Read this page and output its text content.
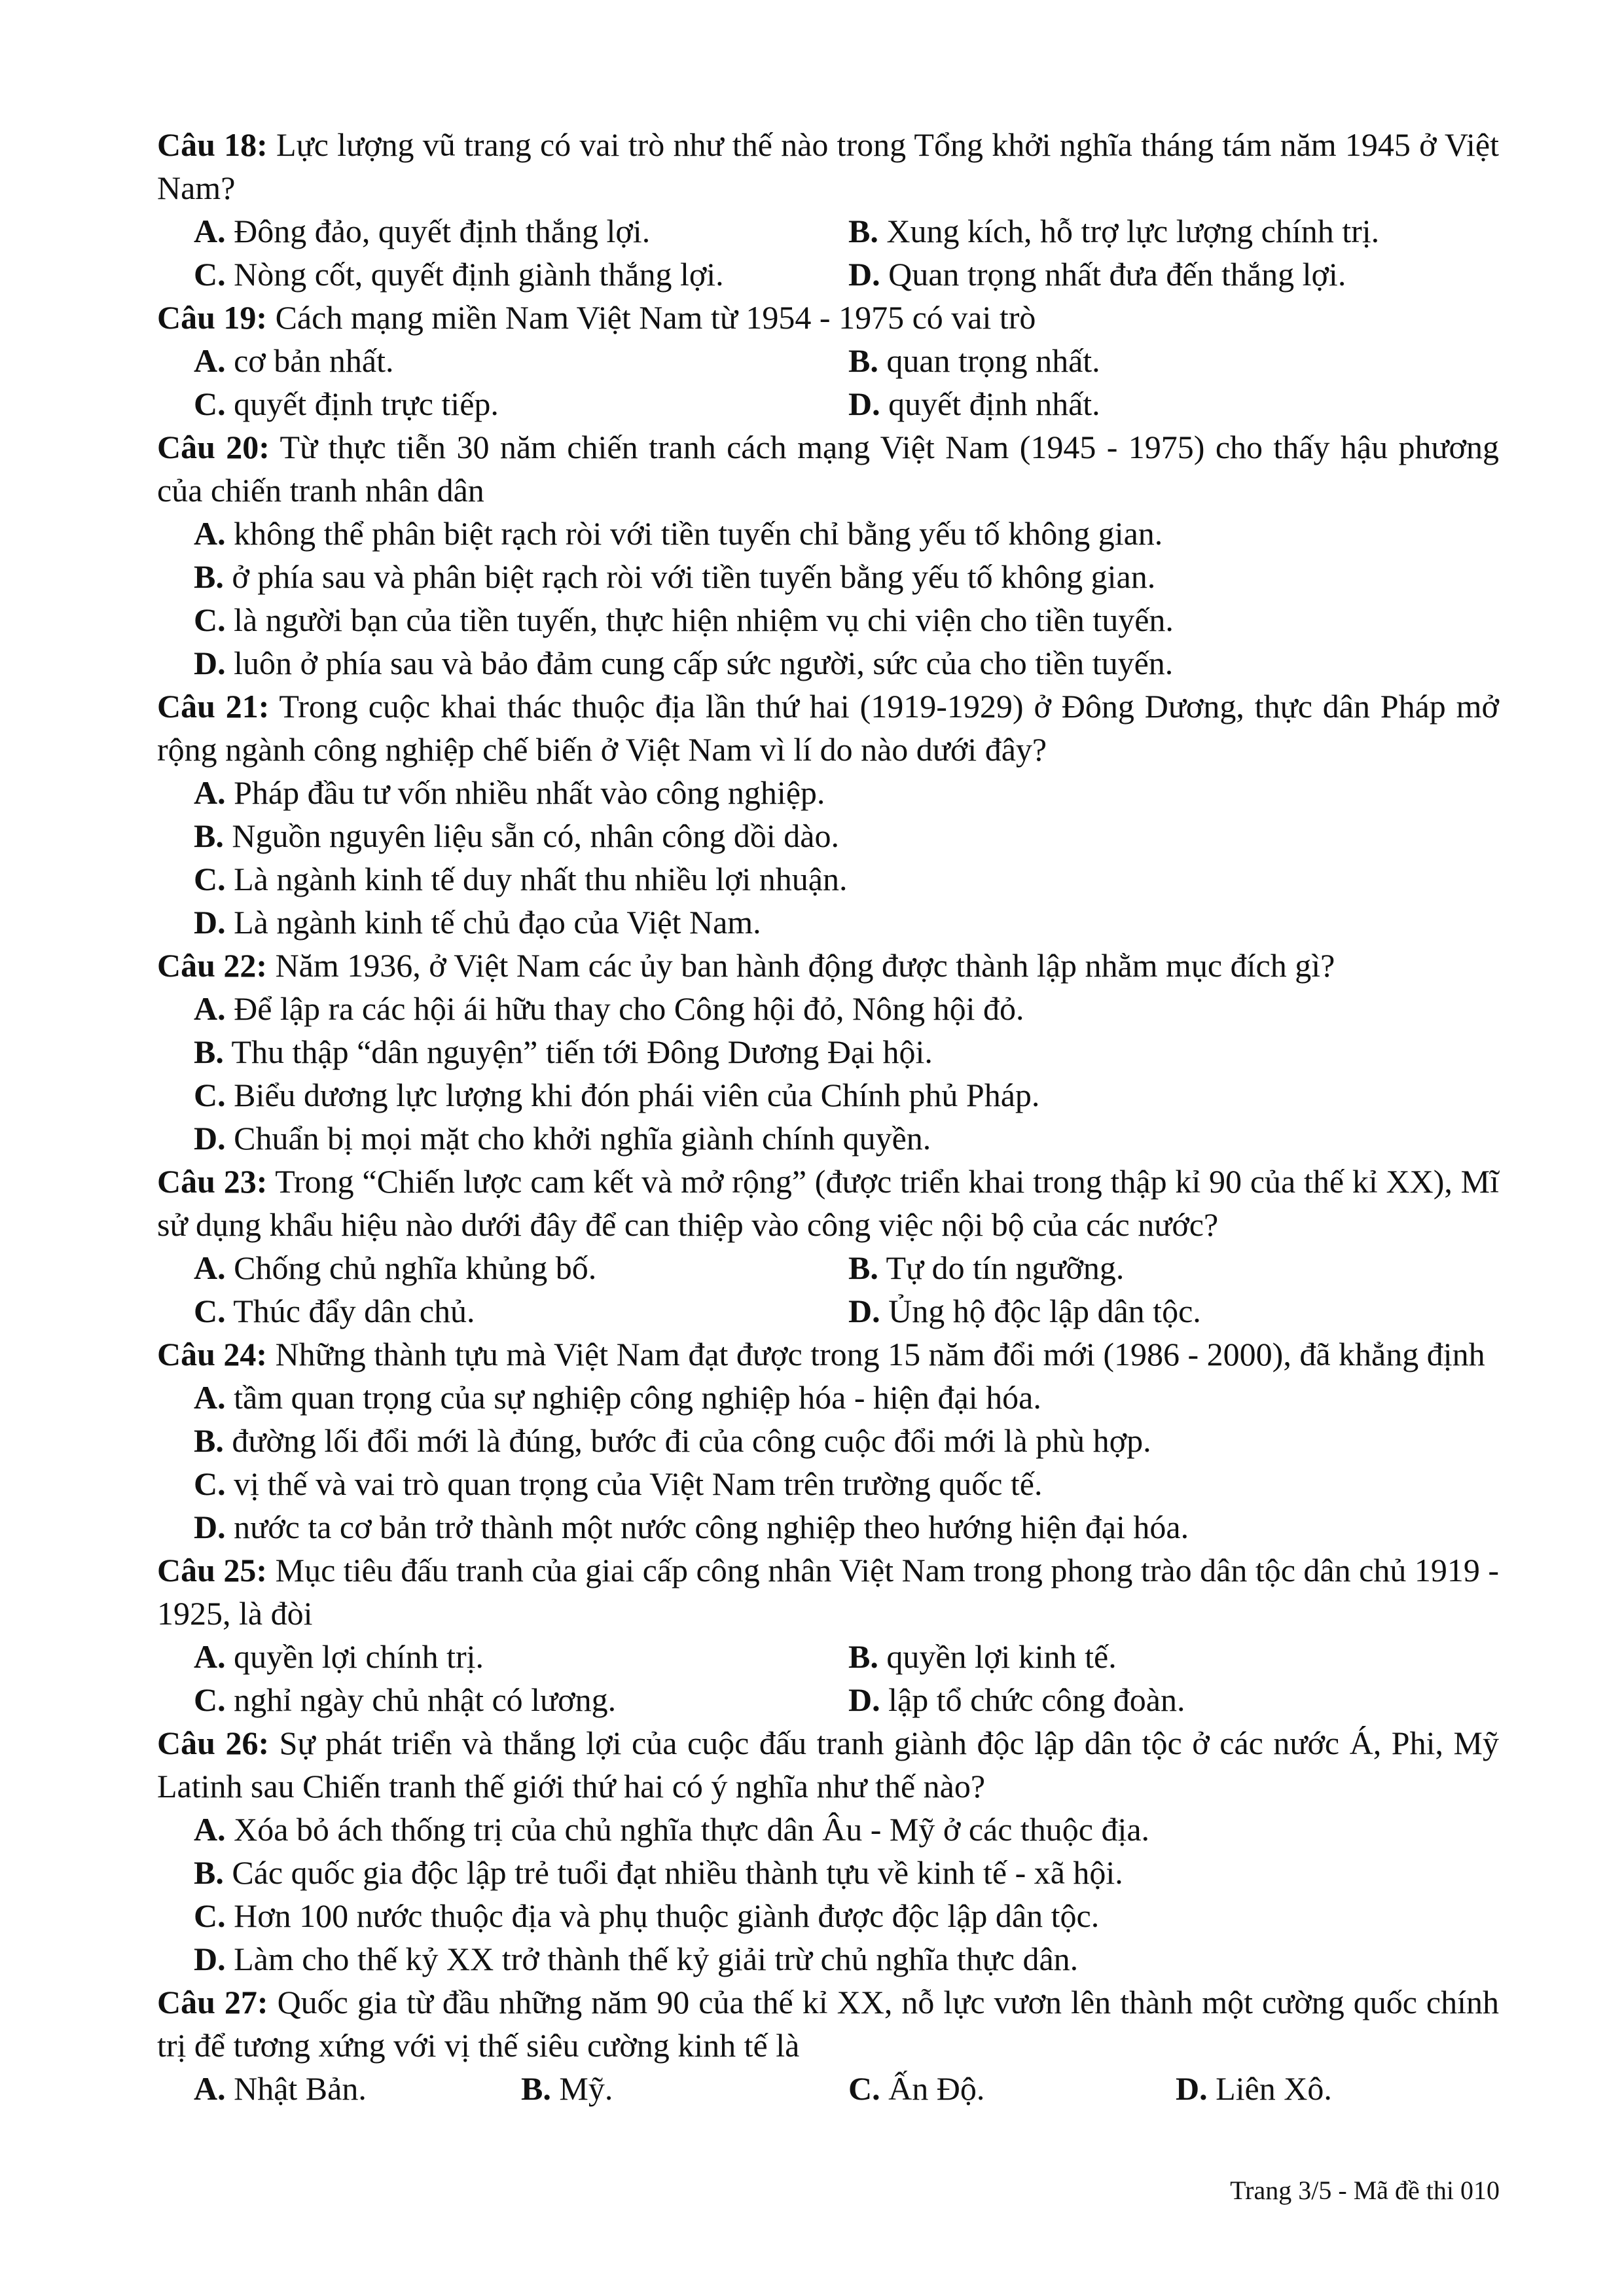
Câu 18: Lực lượng vũ trang có vai trò như thế nào trong Tổng khởi nghĩa tháng tám năm 1945 ở Việt Nam?
A. Đông đảo, quyết định thắng lợi.	B. Xung kích, hỗ trợ lực lượng chính trị.
C. Nòng cốt, quyết định giành thắng lợi.	D. Quan trọng nhất đưa đến thắng lợi.
Câu 19: Cách mạng miền Nam Việt Nam từ 1954 - 1975 có vai trò
A. cơ bản nhất.	B. quan trọng nhất.
C. quyết định trực tiếp.	D. quyết định nhất.
Câu 20: Từ thực tiễn 30 năm chiến tranh cách mạng Việt Nam (1945 - 1975) cho thấy hậu phương của chiến tranh nhân dân
A. không thể phân biệt rạch ròi với tiền tuyến chỉ bằng yếu tố không gian.
B. ở phía sau và phân biệt rạch ròi với tiền tuyến bằng yếu tố không gian.
C. là người bạn của tiền tuyến, thực hiện nhiệm vụ chi viện cho tiền tuyến.
D. luôn ở phía sau và bảo đảm cung cấp sức người, sức của cho tiền tuyến.
Câu 21: Trong cuộc khai thác thuộc địa lần thứ hai (1919-1929) ở Đông Dương, thực dân Pháp mở rộng ngành công nghiệp chế biến ở Việt Nam vì lí do nào dưới đây?
A. Pháp đầu tư vốn nhiều nhất vào công nghiệp.
B. Nguồn nguyên liệu sẵn có, nhân công dồi dào.
C. Là ngành kinh tế duy nhất thu nhiều lợi nhuận.
D. Là ngành kinh tế chủ đạo của Việt Nam.
Câu 22: Năm 1936, ở Việt Nam các ủy ban hành động được thành lập nhằm mục đích gì?
A. Để lập ra các hội ái hữu thay cho Công hội đỏ, Nông hội đỏ.
B. Thu thập “dân nguyện” tiến tới Đông Dương Đại hội.
C. Biểu dương lực lượng khi đón phái viên của Chính phủ Pháp.
D. Chuẩn bị mọi mặt cho khởi nghĩa giành chính quyền.
Câu 23: Trong “Chiến lược cam kết và mở rộng” (được triển khai trong thập kỉ 90 của thế kỉ XX), Mĩ sử dụng khẩu hiệu nào dưới đây để can thiệp vào công việc nội bộ của các nước?
A. Chống chủ nghĩa khủng bố.	B. Tự do tín ngưỡng.
C. Thúc đẩy dân chủ.	D. Ủng hộ độc lập dân tộc.
Câu 24: Những thành tựu mà Việt Nam đạt được trong 15 năm đổi mới (1986 - 2000), đã khẳng định
A. tầm quan trọng của sự nghiệp công nghiệp hóa - hiện đại hóa.
B. đường lối đổi mới là đúng, bước đi của công cuộc đổi mới là phù hợp.
C. vị thế và vai trò quan trọng của Việt Nam trên trường quốc tế.
D. nước ta cơ bản trở thành một nước công nghiệp theo hướng hiện đại hóa.
Câu 25: Mục tiêu đấu tranh của giai cấp công nhân Việt Nam trong phong trào dân tộc dân chủ 1919 - 1925, là đòi
A. quyền lợi chính trị.	B. quyền lợi kinh tế.
C. nghỉ ngày chủ nhật có lương.	D. lập tổ chức công đoàn.
Câu 26: Sự phát triển và thắng lợi của cuộc đấu tranh giành độc lập dân tộc ở các nước Á, Phi, Mỹ Latinh sau Chiến tranh thế giới thứ hai có ý nghĩa như thế nào?
A. Xóa bỏ ách thống trị của chủ nghĩa thực dân Âu - Mỹ ở các thuộc địa.
B. Các quốc gia độc lập trẻ tuổi đạt nhiều thành tựu về kinh tế - xã hội.
C. Hơn 100 nước thuộc địa và phụ thuộc giành được độc lập dân tộc.
D. Làm cho thế kỷ XX trở thành thế kỷ giải trừ chủ nghĩa thực dân.
Câu 27: Quốc gia từ đầu những năm 90 của thế kỉ XX, nỗ lực vươn lên thành một cường quốc chính trị để tương xứng với vị thế siêu cường kinh tế là
A. Nhật Bản.	B. Mỹ.	C. Ấn Độ.	D. Liên Xô.
Trang 3/5 - Mã đề thi 010
